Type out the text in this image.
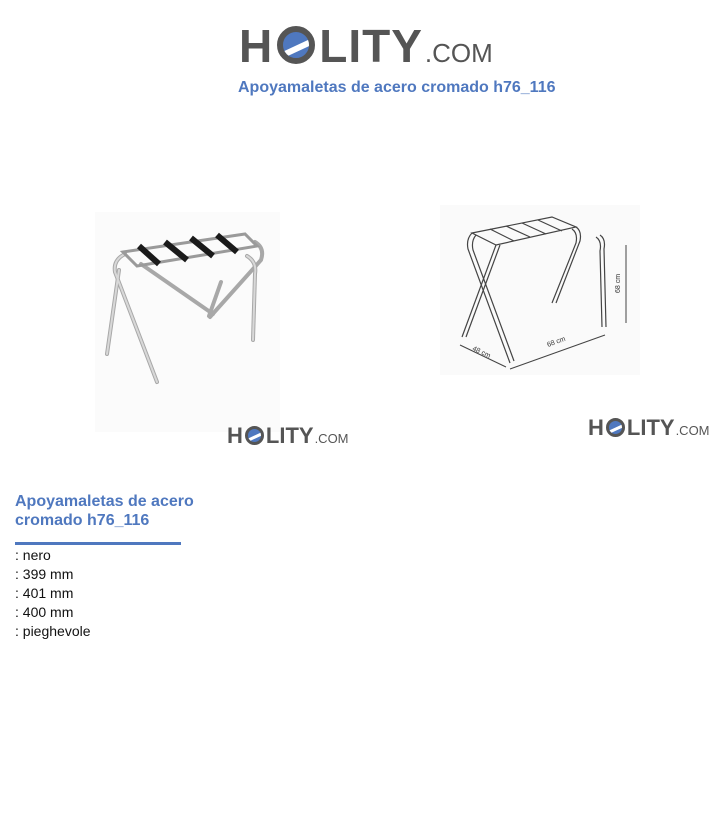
H LITY .COM
Apoyamaletas de acero cromado h76_116
48 cm
68 cm
68 cm
H LITY .COM	H LITY .COM
Apoyamaletas de acero cromado h76_116
: nero
: 399 mm
: 401 mm
: 400 mm
: pieghevole
